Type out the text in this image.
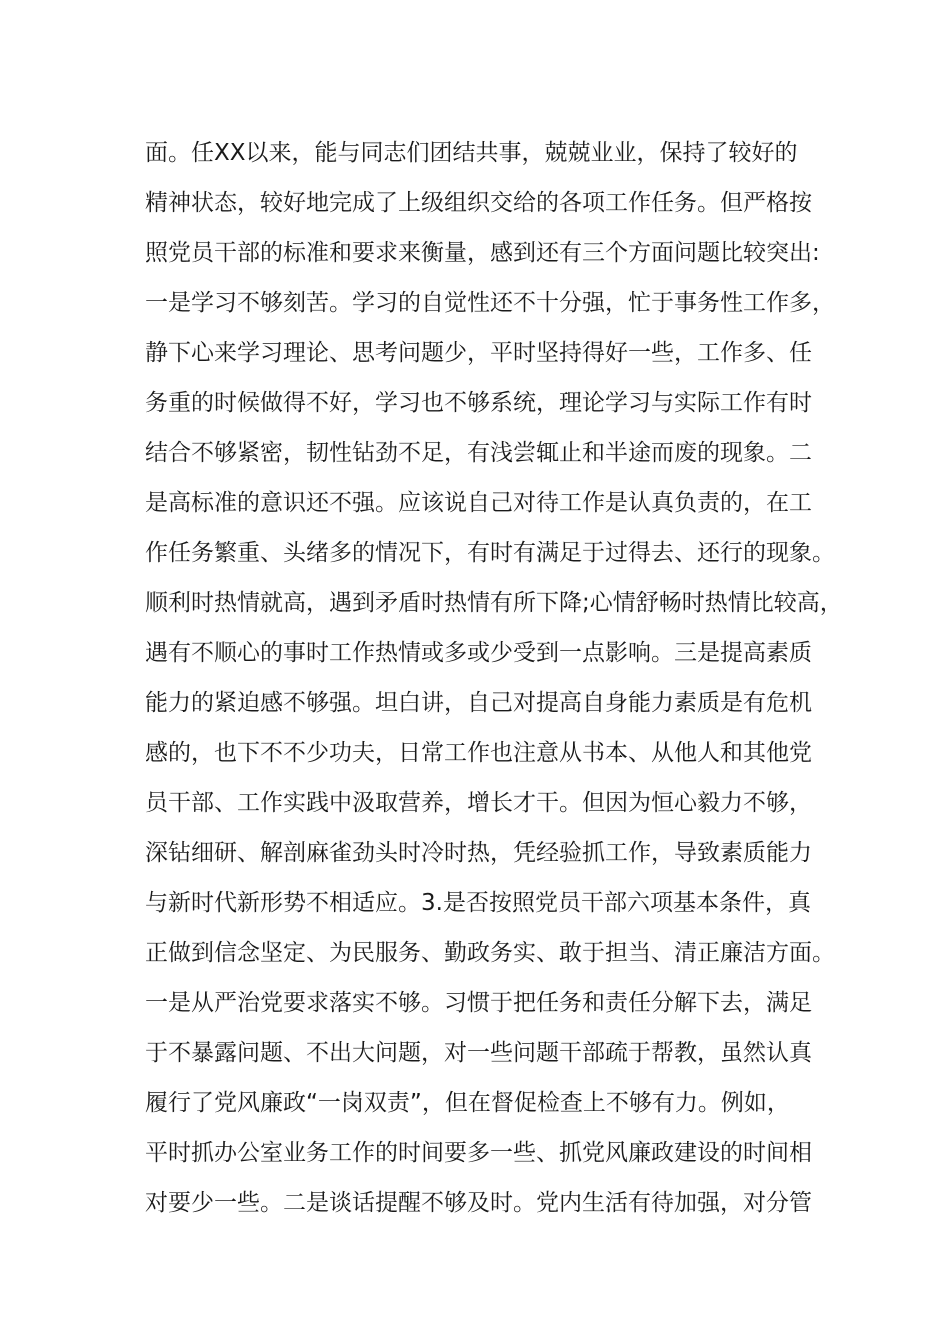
面。任XX以来，能与同志们团结共事，兢兢业业，保持了较好的
精神状态，较好地完成了上级组织交给的各项工作任务。但严格按
照党员干部的标准和要求来衡量，感到还有三个方面问题比较突出:
一是学习不够刻苦。学习的自觉性还不十分强，忙于事务性工作多，
静下心来学习理论、思考问题少，平时坚持得好一些，工作多、任
务重的时候做得不好，学习也不够系统，理论学习与实际工作有时
结合不够紧密，韧性钻劲不足，有浅尝辄止和半途而废的现象。二
是高标准的意识还不强。应该说自己对待工作是认真负责的，在工
作任务繁重、头绪多的情况下，有时有满足于过得去、还行的现象。
顺利时热情就高，遇到矛盾时热情有所下降;心情舒畅时热情比较高，
遇有不顺心的事时工作热情或多或少受到一点影响。三是提高素质
能力的紧迫感不够强。坦白讲，自己对提高自身能力素质是有危机
感的，也下不不少功夫，日常工作也注意从书本、从他人和其他党
员干部、工作实践中汲取营养，增长才干。但因为恒心毅力不够，
深钻细研、解剖麻雀劲头时冷时热，凭经验抓工作，导致素质能力
与新时代新形势不相适应。3.是否按照党员干部六项基本条件，真
正做到信念坚定、为民服务、勤政务实、敢于担当、清正廉洁方面。
一是从严治党要求落实不够。习惯于把任务和责任分解下去，满足
于不暴露问题、不出大问题，对一些问题干部疏于帮教，虽然认真
履行了党风廉政“一岗双责”，但在督促检查上不够有力。例如，
平时抓办公室业务工作的时间要多一些、抓党风廉政建设的时间相
对要少一些。二是谈话提醒不够及时。党内生活有待加强，对分管
